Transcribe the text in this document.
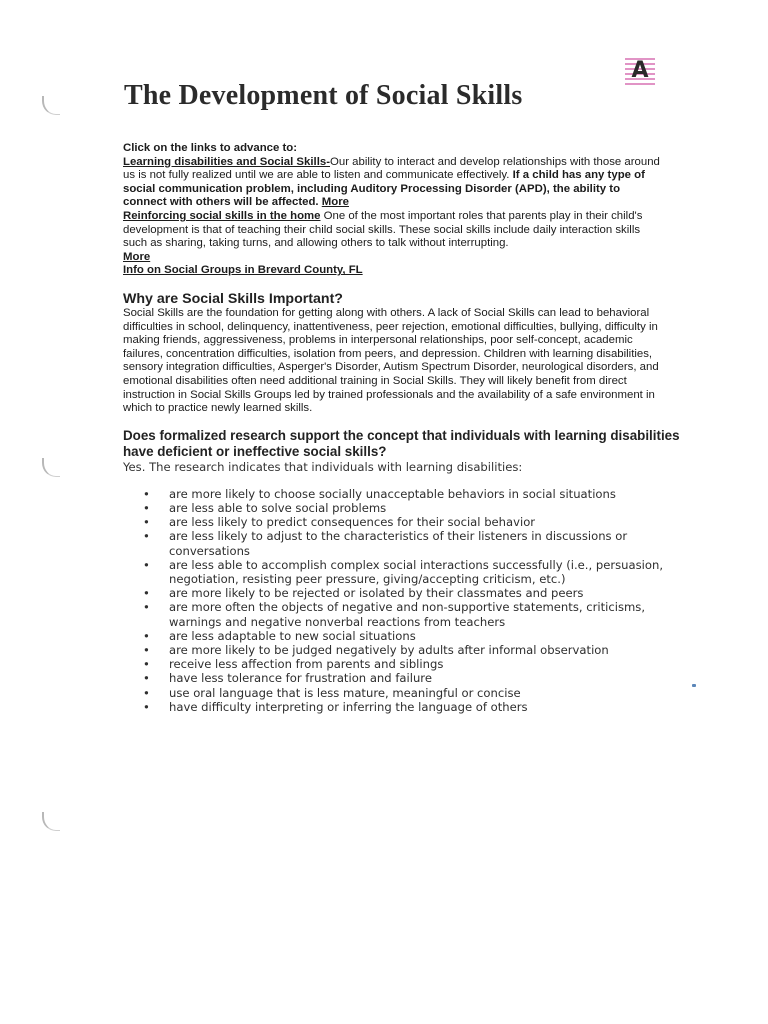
A
The Development of Social Skills

Click on the links to advance to:

Learning disabilities and Social Skills-Our ability to interact and develop relationships with those around us is not fully realized until we are able to listen and communicate effectively. If a child has any type of social communication problem, including Auditory Processing Disorder (APD), the ability to connect with others will be affected. More

Reinforcing social skills in the home One of the most important roles that parents play in their child's development is that of teaching their child social skills. These social skills include daily interaction skills such as sharing, taking turns, and allowing others to talk without interrupting.
More

Info on Social Groups in Brevard County, FL

Why are Social Skills Important?

Social Skills are the foundation for getting along with others. A lack of Social Skills can lead to behavioral difficulties in school, delinquency, inattentiveness, peer rejection, emotional difficulties, bullying, difficulty in making friends, aggressiveness, problems in interpersonal relationships, poor self-concept, academic failures, concentration difficulties, isolation from peers, and depression. Children with learning disabilities, sensory integration difficulties, Asperger's Disorder, Autism Spectrum Disorder, neurological disorders, and emotional disabilities often need additional training in Social Skills. They will likely benefit from direct instruction in Social Skills Groups led by trained professionals and the availability of a safe environment in which to practice newly learned skills.

Does formalized research support the concept that individuals with learning disabilities have deficient or ineffective social skills?

Yes. The research indicates that individuals with learning disabilities:

• are more likely to choose socially unacceptable behaviors in social situations
• are less able to solve social problems
• are less likely to predict consequences for their social behavior
• are less likely to adjust to the characteristics of their listeners in discussions or conversations
• are less able to accomplish complex social interactions successfully (i.e., persuasion, negotiation, resisting peer pressure, giving/accepting criticism, etc.)
• are more likely to be rejected or isolated by their classmates and peers
• are more often the objects of negative and non-supportive statements, criticisms, warnings and negative nonverbal reactions from teachers
• are less adaptable to new social situations
• are more likely to be judged negatively by adults after informal observation
• receive less affection from parents and siblings
• have less tolerance for frustration and failure
• use oral language that is less mature, meaningful or concise
• have difficulty interpreting or inferring the language of others
